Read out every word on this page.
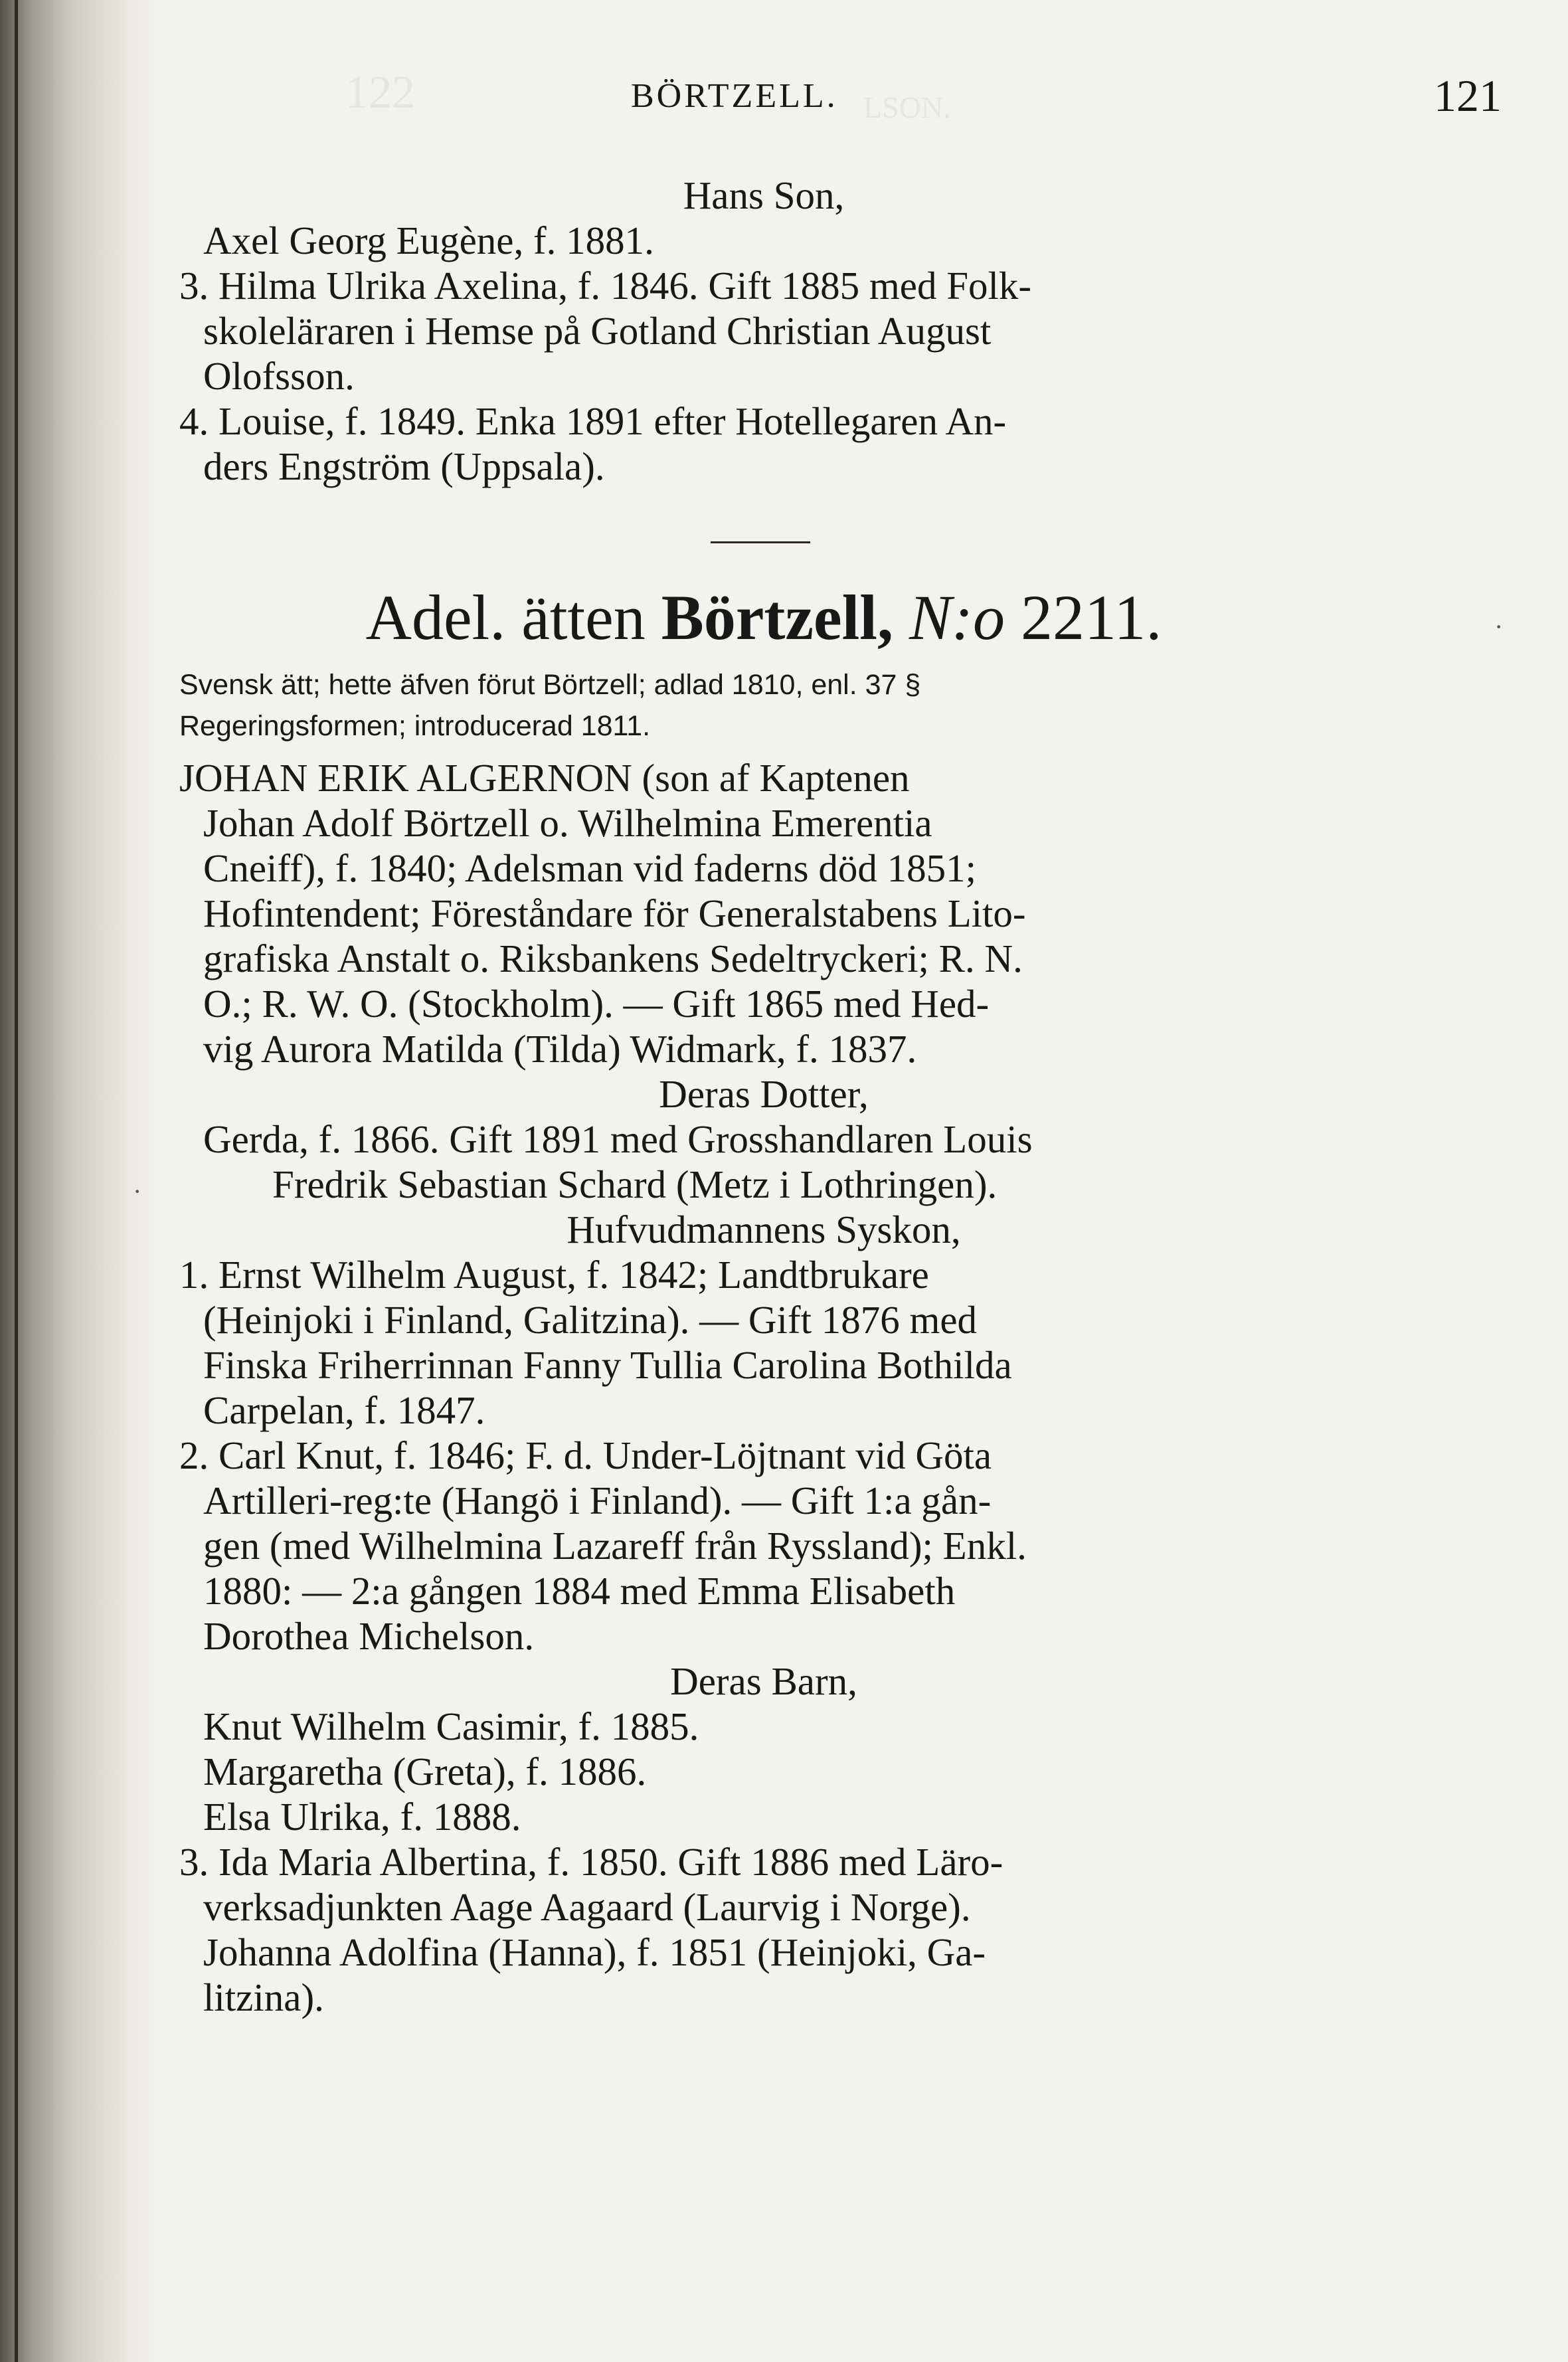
122	LSON.
BÖRTZELL.	121
Hans Son,
Axel Georg Eugène, f. 1881.
3. Hilma Ulrika Axelina, f. 1846. Gift 1885 med Folk-
skoleläraren i Hemse på Gotland Christian August
Olofsson.
4. Louise, f. 1849. Enka 1891 efter Hotellegaren An-
ders Engström (Uppsala).
Adel. ätten Börtzell, N:o 2211.
Svensk ätt; hette äfven förut Börtzell; adlad 1810, enl. 37 §
Regeringsformen; introducerad 1811.
JOHAN ERIK ALGERNON (son af Kaptenen
Johan Adolf Börtzell o. Wilhelmina Emerentia
Cneiff), f. 1840; Adelsman vid faderns död 1851;
Hofintendent; Föreståndare för Generalstabens Lito-
grafiska Anstalt o. Riksbankens Sedeltryckeri; R. N.
O.; R. W. O. (Stockholm). — Gift 1865 med Hed-
vig Aurora Matilda (Tilda) Widmark, f. 1837.
Deras Dotter,
Gerda, f. 1866. Gift 1891 med Grosshandlaren Louis
Fredrik Sebastian Schard (Metz i Lothringen).
Hufvudmannens Syskon,
1. Ernst Wilhelm August, f. 1842; Landtbrukare
(Heinjoki i Finland, Galitzina). — Gift 1876 med
Finska Friherrinnan Fanny Tullia Carolina Bothilda
Carpelan, f. 1847.
2. Carl Knut, f. 1846; F. d. Under-Löjtnant vid Göta
Artilleri-reg:te (Hangö i Finland). — Gift 1:a gån-
gen (med Wilhelmina Lazareff från Ryssland); Enkl.
1880: — 2:a gången 1884 med Emma Elisabeth
Dorothea Michelson.
Deras Barn,
Knut Wilhelm Casimir, f. 1885.
Margaretha (Greta), f. 1886.
Elsa Ulrika, f. 1888.
3. Ida Maria Albertina, f. 1850. Gift 1886 med Läro-
verksadjunkten Aage Aagaard (Laurvig i Norge).
Johanna Adolfina (Hanna), f. 1851 (Heinjoki, Ga-
litzina).
·
·
